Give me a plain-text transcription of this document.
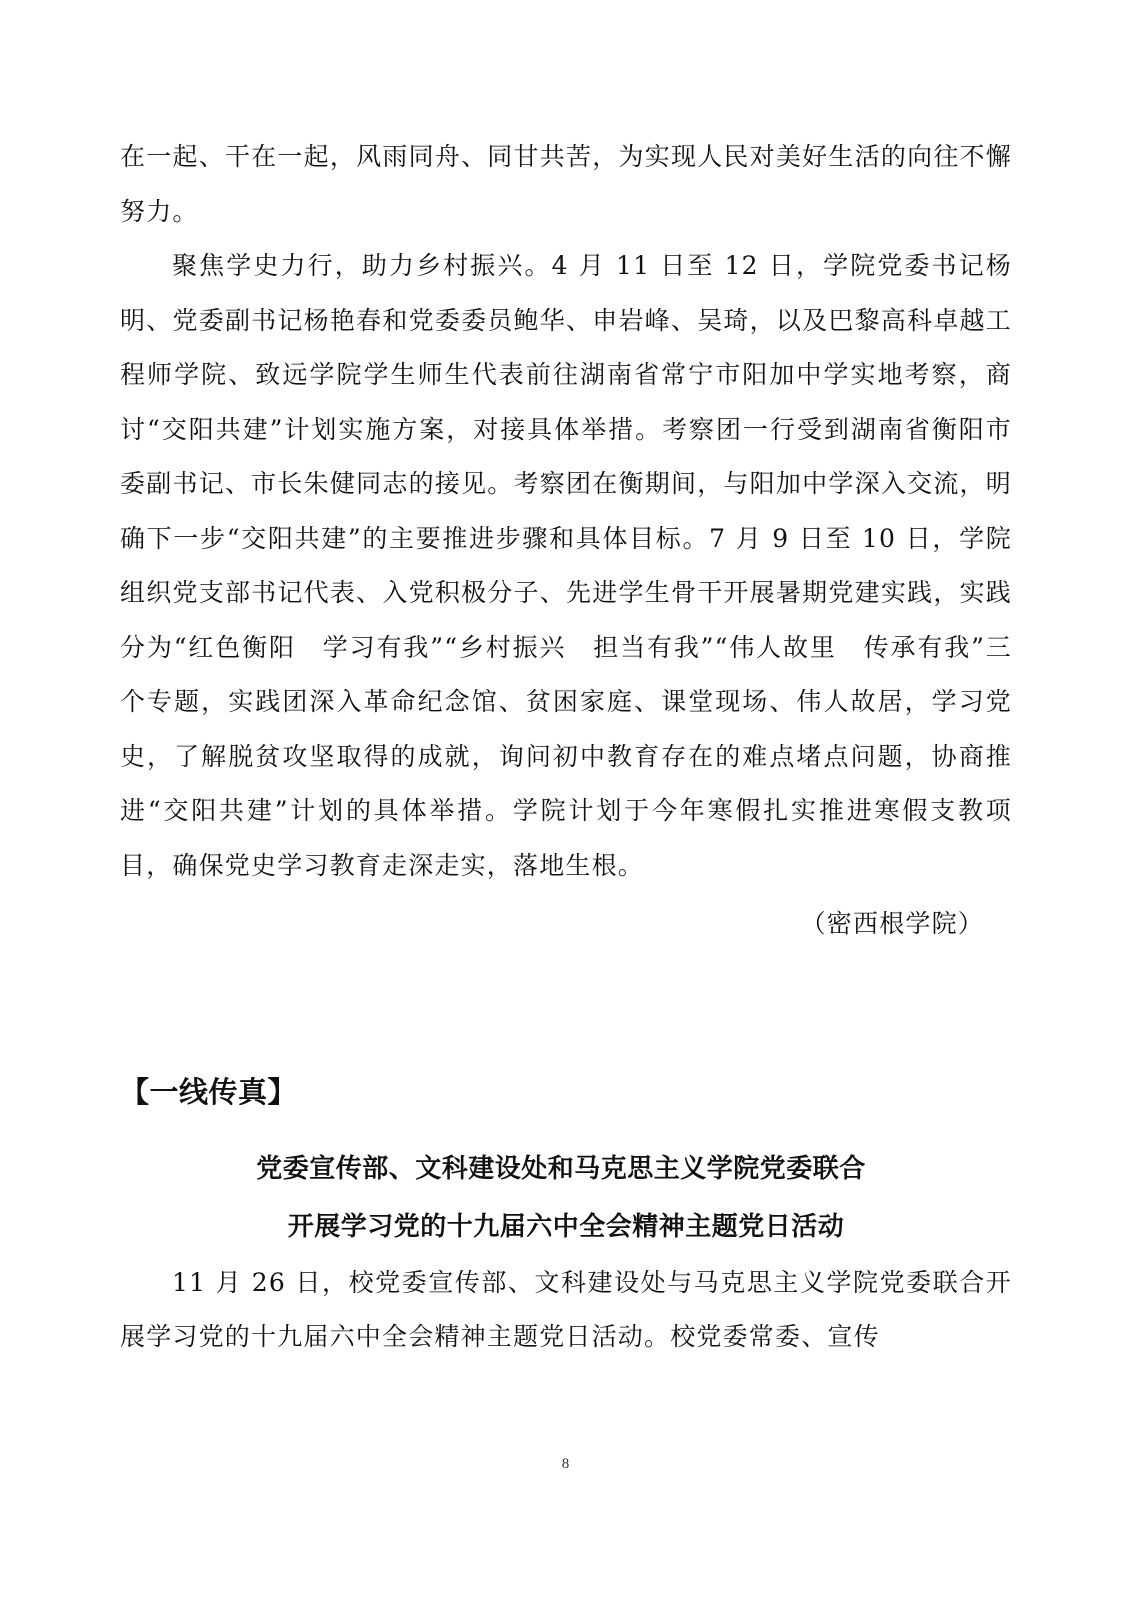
在一起、干在一起，风雨同舟、同甘共苦，为实现人民对美好生活的向往不懈努力。

聚焦学史力行，助力乡村振兴。4 月 11 日至 12 日，学院党委书记杨明、党委副书记杨艳春和党委委员鲍华、申岩峰、吴琦，以及巴黎高科卓越工程师学院、致远学院学生师生代表前往湖南省常宁市阳加中学实地考察，商讨“交阳共建”计划实施方案，对接具体举措。考察团一行受到湖南省衡阳市委副书记、市长朱健同志的接见。考察团在衡期间，与阳加中学深入交流，明确下一步“交阳共建”的主要推进步骤和具体目标。7 月 9 日至 10 日，学院组织党支部书记代表、入党积极分子、先进学生骨干开展暑期党建实践，实践分为“红色衡阳　学习有我”“乡村振兴　担当有我”“伟人故里　传承有我”三个专题，实践团深入革命纪念馆、贫困家庭、课堂现场、伟人故居，学习党史，了解脱贫攻坚取得的成就，询问初中教育存在的难点堵点问题，协商推进“交阳共建”计划的具体举措。学院计划于今年寒假扎实推进寒假支教项目，确保党史学习教育走深走实，落地生根。

（密西根学院）

【一线传真】
党委宣传部、文科建设处和马克思主义学院党委联合
开展学习党的十九届六中全会精神主题党日活动

11 月 26 日，校党委宣传部、文科建设处与马克思主义学院党委联合开展学习党的十九届六中全会精神主题党日活动。校党委常委、宣传

8
